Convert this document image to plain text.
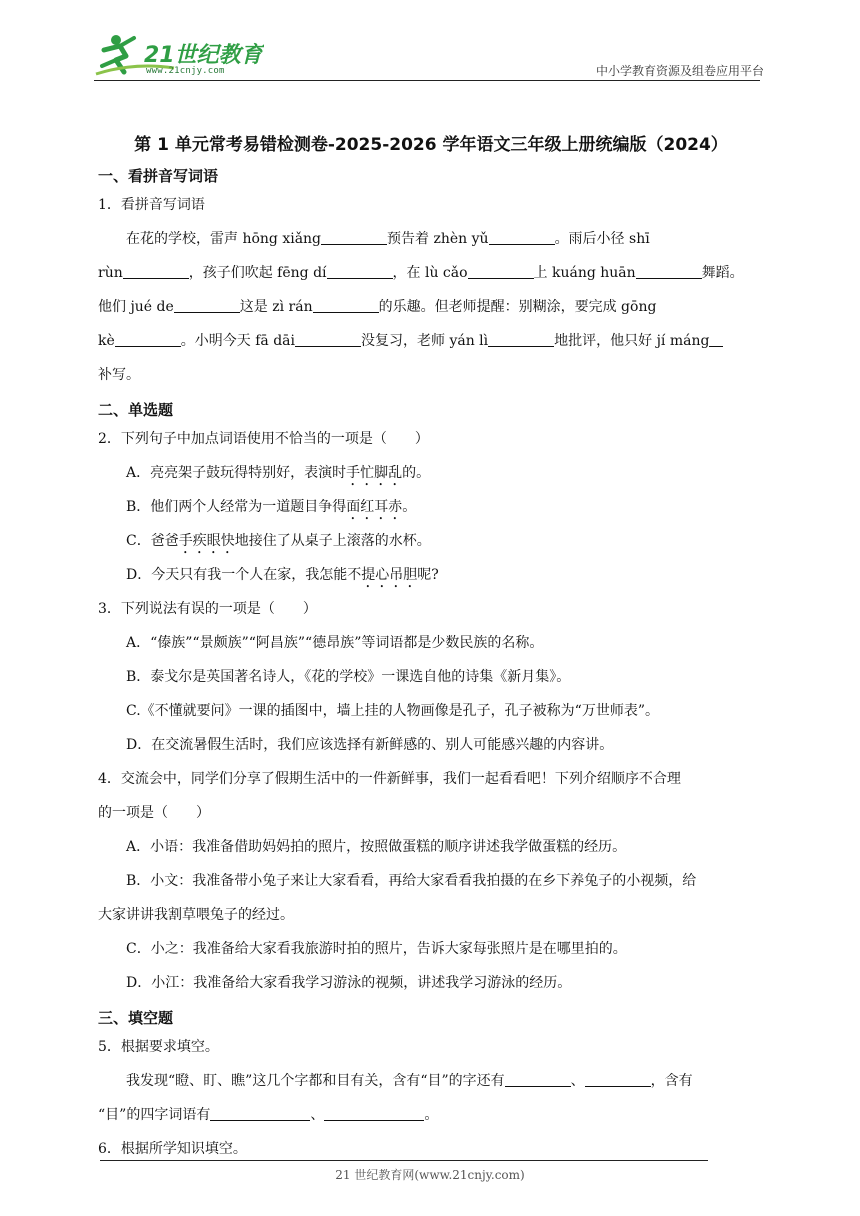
21世纪教育
www.21cnjy.com	中小学教育资源及组卷应用平台
第 1 单元常考易错检测卷-2025-2026 学年语文三年级上册统编版（2024）
一、看拼音写词语

1．看拼音写词语

在花的学校，雷声 hōng xiǎng	预告着 zhèn yǔ	。雨后小径 shī
rùn	，孩子们吹起 fēng dí	，在 lù cǎo	上 kuáng huān	舞蹈。
他们 jué de	这是 zì rán	的乐趣。但老师提醒：别糊涂，要完成 gōng
kè	。小明今天 fā dāi	没复习，老师 yán lì	地批评，他只好 jí máng
补写。
二、单选题

2．下列句子中加点词语使用不恰当的一项是（　　）

A．亮亮架子鼓玩得特别好，表演时手忙脚乱的。
B．他们两个人经常为一道题目争得面红耳赤。
C．爸爸手疾眼快地接住了从桌子上滚落的水杯。
D．今天只有我一个人在家，我怎能不提心吊胆呢?

3．下列说法有误的一项是（　　）

A．“傣族”“景颇族”“阿昌族”“德昂族”等词语都是少数民族的名称。
B．泰戈尔是英国著名诗人，《花的学校》一课选自他的诗集《新月集》。
C.《不懂就要问》一课的插图中，墙上挂的人物画像是孔子，孔子被称为“万世师表”。
D．在交流暑假生活时，我们应该选择有新鲜感的、别人可能感兴趣的内容讲。

4．交流会中，同学们分享了假期生活中的一件新鲜事，我们一起看看吧！下列介绍顺序不合理

的一项是（　　）

A．小语：我准备借助妈妈拍的照片，按照做蛋糕的顺序讲述我学做蛋糕的经历。
B．小文：我准备带小兔子来让大家看看，再给大家看看我拍摄的在乡下养兔子的小视频，给
大家讲讲我割草喂兔子的经过。
C．小之：我准备给大家看我旅游时拍的照片，告诉大家每张照片是在哪里拍的。
D．小江：我准备给大家看我学习游泳的视频，讲述我学习游泳的经历。
三、填空题

5．根据要求填空。

我发现“瞪、盯、瞧”这几个字都和目有关，含有“目”的字还有	、	，含有
“目”的四字词语有	、	。

6．根据所学知识填空。

21 世纪教育网(www.21cnjy.com)
